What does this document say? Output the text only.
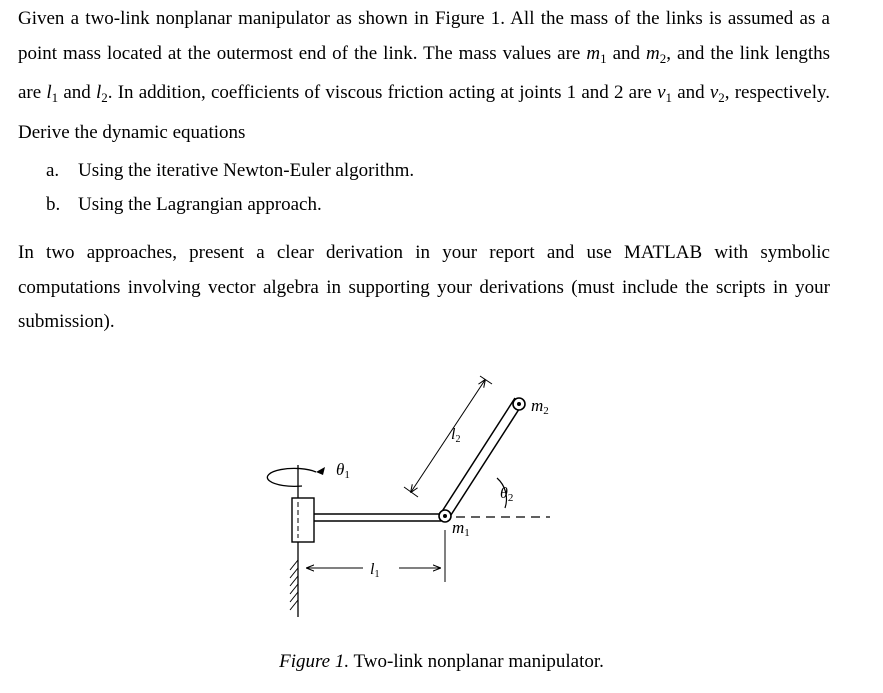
Given a two-link nonplanar manipulator as shown in Figure 1. All the mass of the links is assumed as a point mass located at the outermost end of the link. The mass values are $m_1$ and $m_2$, and the link lengths are $l_1$ and $l_2$. In addition, coefficients of viscous friction acting at joints 1 and 2 are $v_1$ and $v_2$, respectively. Derive the dynamic equations
a. Using the iterative Newton-Euler algorithm.
b. Using the Lagrangian approach.
In two approaches, present a clear derivation in your report and use MATLAB with symbolic computations involving vector algebra in supporting your derivations (must include the scripts in your submission).
θ1
θ2
l2
l1
m1
m2
Figure 1. Two-link nonplanar manipulator.
